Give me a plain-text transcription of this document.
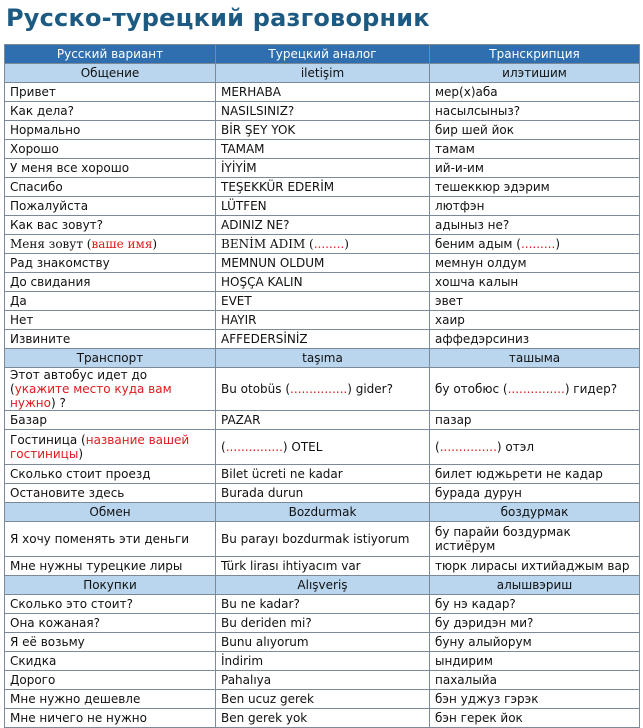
Русско-турецкий разговорник
Русский вариант	Турецкий аналог	Транскрипция
Общение	iletişim	илэтишим
Привет	MERHABA	мер(х)аба
Как дела?	NASILSINIZ?	насылсыныз?
Нормально	BİR ŞEY YOK	бир шей йок
Хорошо	TAMAM	тамам
У меня все хорошо	İYİYİM	ий-и-им
Спасибо	TEŞEKKÜR EDERİM	тешеккюр эдэрим
Пожалуйста	LÜTFEN	лютфэн
Как вас зовут?	ADINIZ NE?	адыныз не?
Меня зовут (ваше имя)	BENİM ADIM (........)	беним адым (.........)
Рад знакомству	MEMNUN OLDUM	мемнун олдум
До свидания	HOŞÇA KALIN	хошча калын
Да	EVET	эвет
Нет	HAYIR	хаир
Извините	AFFEDERSİNİZ	аффедэрсиниз
Транспорт	taşıma	ташыма
Этот автобус идет до (укажите место куда вам нужно) ?	Bu otobüs (...............) gider?	бу отобюс (...............) гидер?
Базар	PAZAR	пазар
Гостиница (название вашей гостиницы)	(...............) OTEL	(...............) отэл
Сколько стоит проезд	Bilet ücreti ne kadar	билет юджьрети не кадар
Остановите здесь	Burada durun	бурада дурун
Обмен	Bozdurmak	боздурмак
Я хочу поменять эти деньги	Bu parayı bozdurmak istiyorum	бу парайи боздурмак истиёрум
Мне нужны турецкие лиры	Türk lirası ihtiyacım var	тюрк лирасы ихтийаджым вар
Покупки	Alışveriş	алышвэриш
Сколько это стоит?	Bu ne kadar?	бу нэ кадар?
Она кожаная?	Bu deriden mi?	бу дэридэн ми?
Я её возьму	Bunu alıyorum	буну алыйорум
Скидка	İndirim	ындирим
Дорого	Pahalıya	пахалыйа
Мне нужно дешевле	Ben ucuz gerek	бэн уджуз гэрэк
Мне ничего не нужно	Ben gerek yok	бэн герек йок
